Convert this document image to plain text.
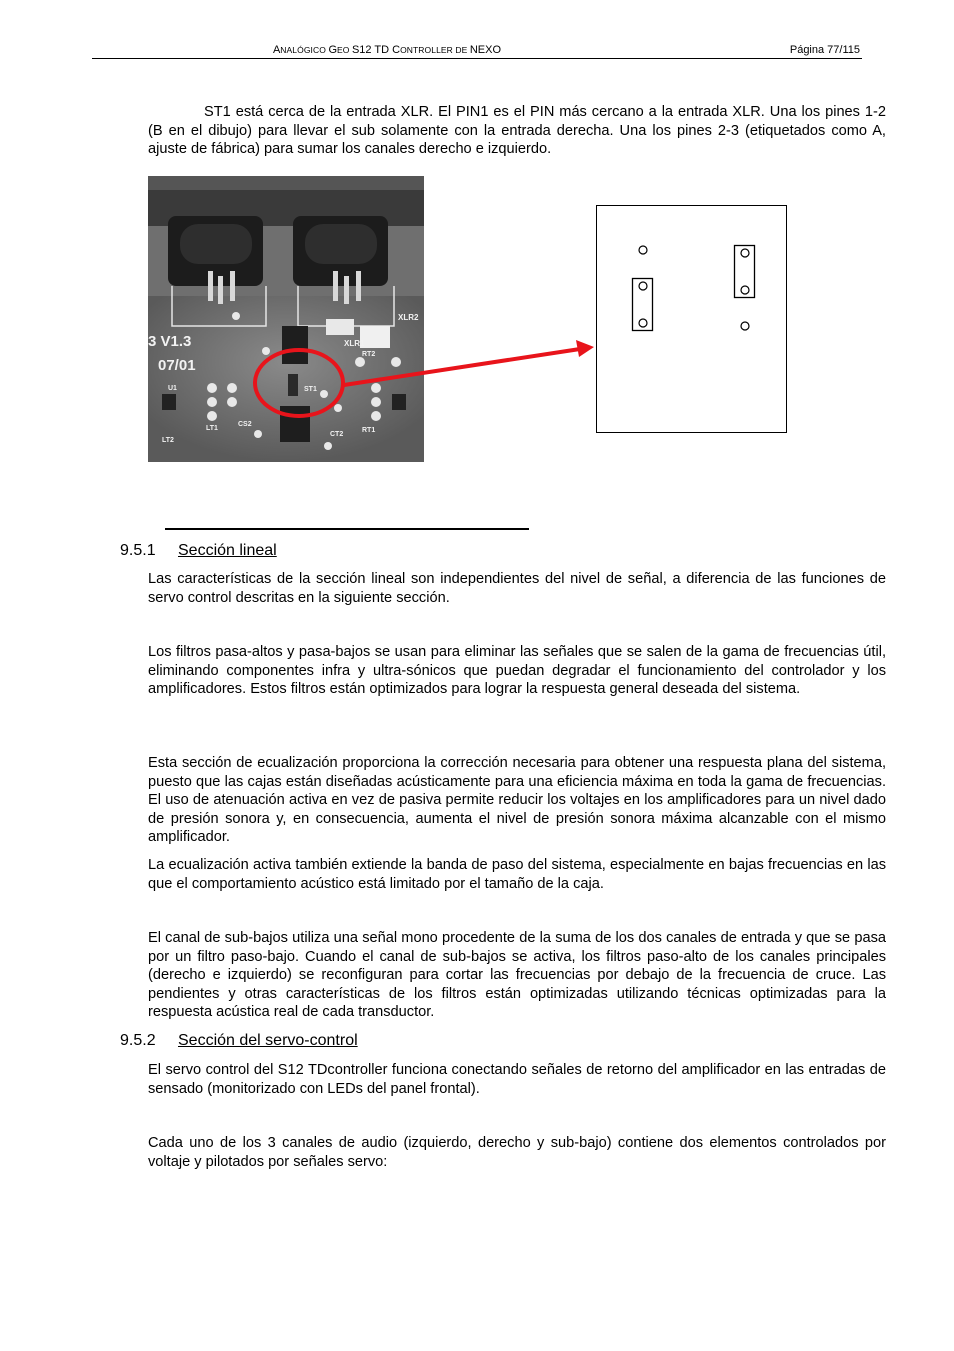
ANALÓGICO GEO S12 TD CONTROLLER DE NEXO	Página 77/115

ST1 está cerca de la entrada XLR. El PIN1 es el PIN más cercano a la entrada XLR. Una los pines 1-2 (B en el dibujo) para llevar el sub solamente con la entrada derecha. Una los pines 2-3 (etiquetados como A, ajuste de fábrica) para sumar los canales derecho e izquierdo.

3 V1.3
07/01
XLR1
XLR2
ST1
LT1	RT1
RT2
LT2
CS2
CT2
U1
9.5.1 Sección lineal

Las características de la sección lineal son independientes del nivel de señal, a diferencia de las funciones de servo control descritas en la siguiente sección.

Los filtros pasa-altos y pasa-bajos se usan para eliminar las señales que se salen de la gama de frecuencias útil, eliminando componentes infra y ultra-sónicos que puedan degradar el funcionamiento del controlador y los amplificadores. Estos filtros están optimizados para lograr la respuesta general deseada del sistema.

Esta sección de ecualización proporciona la corrección necesaria para obtener una respuesta plana del sistema, puesto que las cajas están diseñadas acústicamente para una eficiencia máxima en toda la gama de frecuencias. El uso de atenuación activa en vez de pasiva permite reducir los voltajes en los amplificadores para un nivel dado de presión sonora y, en consecuencia, aumenta el nivel de presión sonora máxima alcanzable con el mismo amplificador.

La ecualización activa también extiende la banda de paso del sistema, especialmente en bajas frecuencias en las que el comportamiento acústico está limitado por el tamaño de la caja.

El canal de sub-bajos utiliza una señal mono procedente de la suma de los dos canales de entrada y que se pasa por un filtro paso-bajo. Cuando el canal de sub-bajos se activa, los filtros paso-alto de los canales principales (derecho e izquierdo) se reconfiguran para cortar las frecuencias por debajo de la frecuencia de cruce. Las pendientes y otras características de los filtros están optimizadas utilizando técnicas optimizadas para la respuesta acústica real de cada transductor.

9.5.2 Sección del servo-control

El servo control del S12 TDcontroller funciona conectando señales de retorno del amplificador en las entradas de sensado (monitorizado con LEDs del panel frontal).

Cada uno de los 3 canales de audio (izquierdo, derecho y sub-bajo) contiene dos elementos controlados por voltaje y pilotados por señales servo:
